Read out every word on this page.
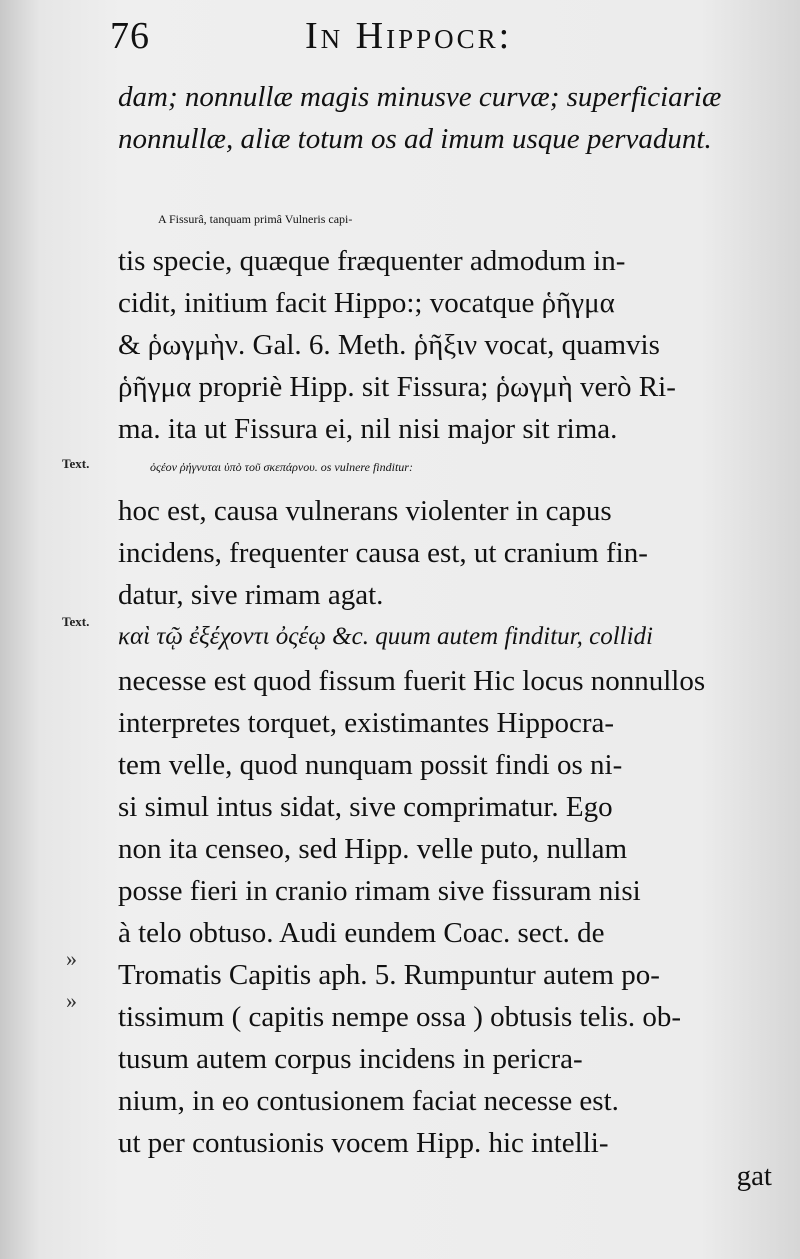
76	In Hippocr:
dam; nonnullæ magis minusve curvæ; superficiariæ
nonnullæ, aliæ totum os ad imum usque pervadunt.
A Fissurâ, tanquam primâ Vulneris capi-
tis specie, quæque fræquenter admodum in-
cidit, initium facit Hippo:; vocatque ῥῆγμα
& ῥωγμὴν. Gal. 6. Meth. ῥῆξιν vocat, quamvis
ῥῆγμα propriè Hipp. sit Fissura; ῥωγμὴ verò Ri-
ma. ita ut Fissura ei, nil nisi major sit rima.
Text.	ὀςέον ῥήγνυται ὑπὸ τοῦ σκεπάρνου. os vulnere finditur:
hoc est, causa vulnerans violenter in capus
incidens, frequenter causa est, ut cranium fin-
datur, sive rimam agat.
Text.
καὶ τῷ ἐξέχοντι ὀςέῳ &c. quum autem finditur, collidi
necesse est quod fissum fuerit Hic locus nonnullos
interpretes torquet, existimantes Hippocra-
tem velle, quod nunquam possit findi os ni-
si simul intus sidat, sive comprimatur. Ego
non ita censeo, sed Hipp. velle puto, nullam
posse fieri in cranio rimam sive fissuram nisi
à telo obtuso. Audi eundem Coac. sect. de
»
Tromatis Capitis aph. 5. Rumpuntur autem po-
»
tissimum ( capitis nempe ossa ) obtusis telis. ob-
tusum autem corpus incidens in pericra-
nium, in eo contusionem faciat necesse est.
ut per contusionis vocem Hipp. hic intelli-
gat
